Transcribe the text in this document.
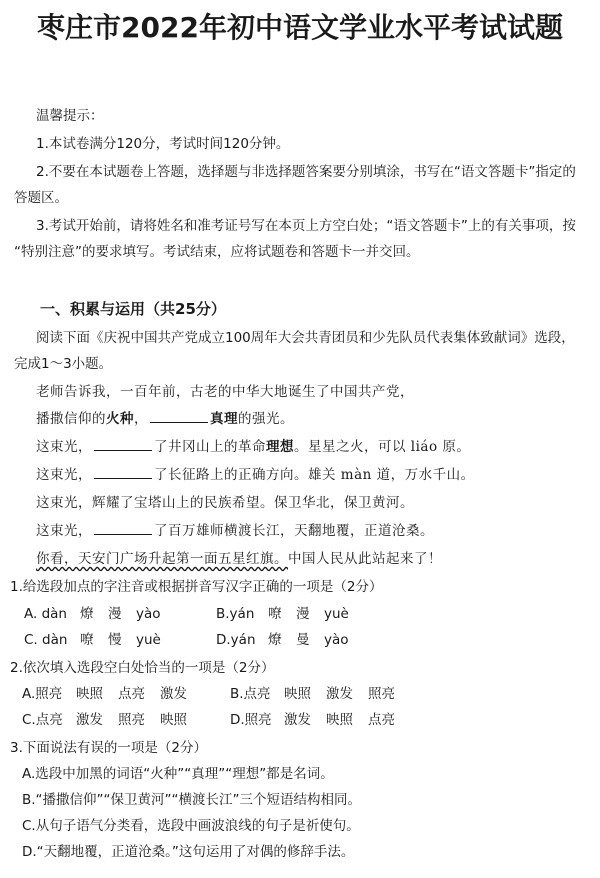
枣庄市2022年初中语文学业水平考试试题
温馨提示：
1.本试卷满分120分，考试时间120分钟。
2.不要在本试题卷上答题，选择题与非选择题答案要分别填涂，书写在“语文答题卡”指定的
答题区。
3.考试开始前，请将姓名和准考证号写在本页上方空白处；“语文答题卡”上的有关事项，按
“特别注意”的要求填写。考试结束，应将试题卷和答题卡一并交回。
一、积累与运用（共25分）
阅读下面《庆祝中国共产党成立100周年大会共青团员和少先队员代表集体致献词》选段，
完成1～3小题。
老师告诉我，一百年前，古老的中华大地诞生了中国共产党，
播撒信仰的火种，	真理的强光。
这束光，	了井冈山上的革命理想。星星之火，可以 liáo 原。
这束光，	了长征路上的正确方向。雄关 màn 道，万水千山。
这束光，辉耀了宝塔山上的民族希望。保卫华北，保卫黄河。
这束光，	了百万雄师横渡长江，天翻地覆，正道沧桑。
你看，天安门广场升起第一面五星红旗。中国人民从此站起来了！
1.给选段加点的字注音或根据拼音写汉字正确的一项是（2分）
A. dàn 燎 漫 yào	B.yán 嘹 漫 yuè
C. dàn 嘹 慢 yuè	D.yán 燎 曼 yào
2.依次填入选段空白处恰当的一项是（2分）
A.照亮 映照 点亮 激发	B.点亮 映照 激发 照亮
C.点亮 激发 照亮 映照	D.照亮 激发 映照 点亮
3.下面说法有误的一项是（2分）
A.选段中加黑的词语“火种”“真理”“理想”都是名词。
B.“播撒信仰”“保卫黄河”“横渡长江”三个短语结构相同。
C.从句子语气分类看，选段中画波浪线的句子是祈使句。
D.“天翻地覆，正道沧桑。”这句运用了对偶的修辞手法。
